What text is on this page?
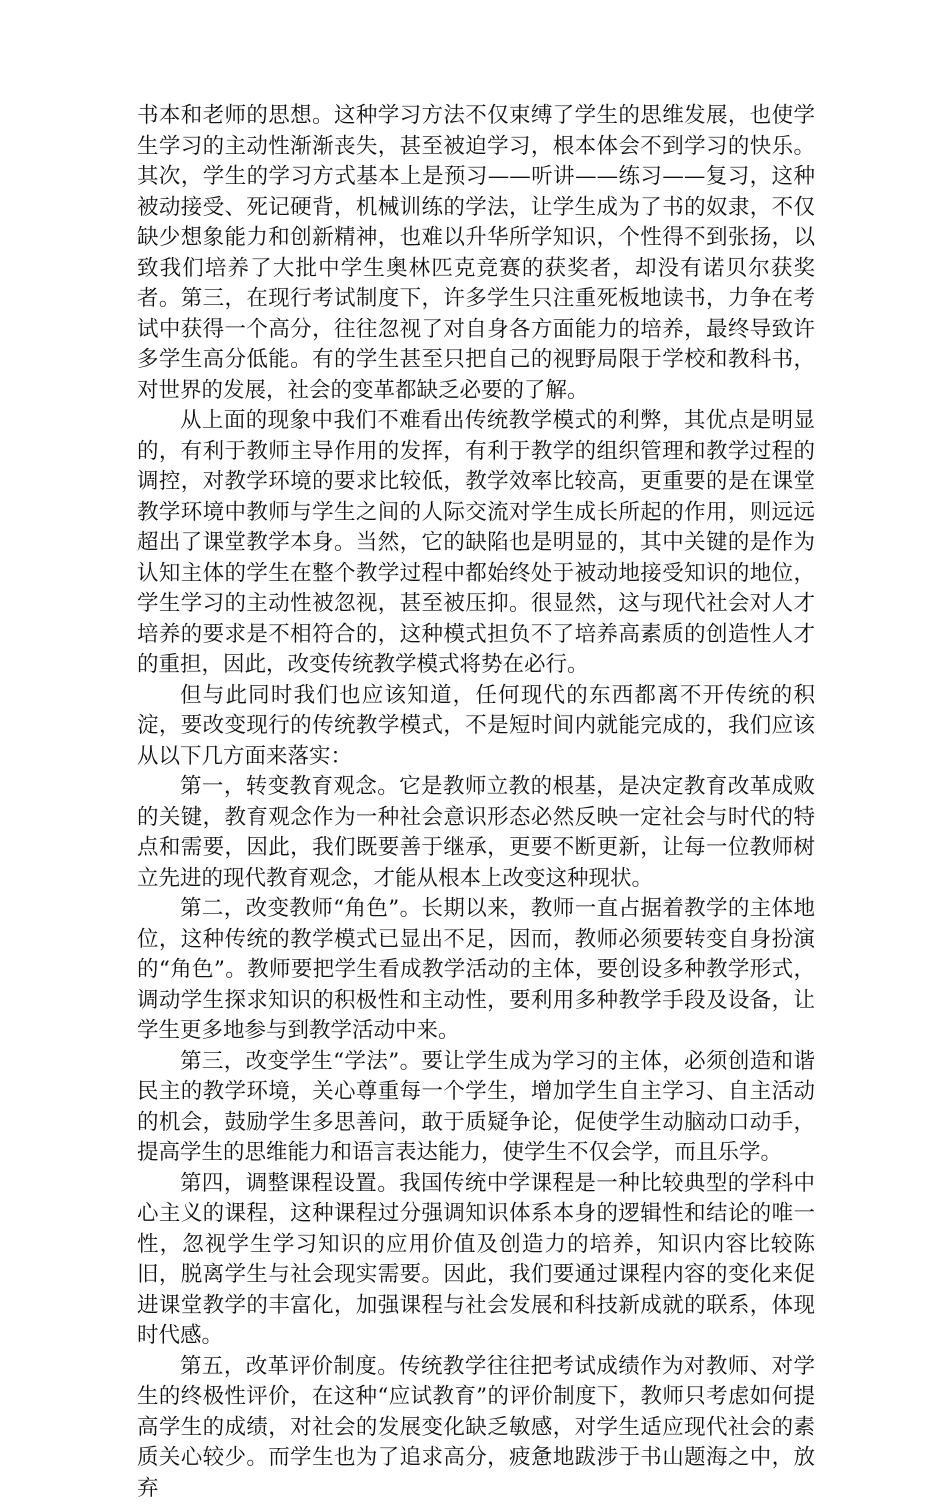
书本和老师的思想。这种学习方法不仅束缚了学生的思维发展，也使学生学习的主动性渐渐丧失，甚至被迫学习，根本体会不到学习的快乐。其次，学生的学习方式基本上是预习——听讲——练习——复习，这种被动接受、死记硬背，机械训练的学法，让学生成为了书的奴隶，不仅缺少想象能力和创新精神，也难以升华所学知识，个性得不到张扬，以致我们培养了大批中学生奥林匹克竞赛的获奖者，却没有诺贝尔获奖者。第三，在现行考试制度下，许多学生只注重死板地读书，力争在考试中获得一个高分，往往忽视了对自身各方面能力的培养，最终导致许多学生高分低能。有的学生甚至只把自己的视野局限于学校和教科书，对世界的发展，社会的变革都缺乏必要的了解。

从上面的现象中我们不难看出传统教学模式的利弊，其优点是明显的，有利于教师主导作用的发挥，有利于教学的组织管理和教学过程的调控，对教学环境的要求比较低，教学效率比较高，更重要的是在课堂教学环境中教师与学生之间的人际交流对学生成长所起的作用，则远远超出了课堂教学本身。当然，它的缺陷也是明显的，其中关键的是作为认知主体的学生在整个教学过程中都始终处于被动地接受知识的地位，学生学习的主动性被忽视，甚至被压抑。很显然，这与现代社会对人才培养的要求是不相符合的，这种模式担负不了培养高素质的创造性人才的重担，因此，改变传统教学模式将势在必行。

但与此同时我们也应该知道，任何现代的东西都离不开传统的积淀，要改变现行的传统教学模式，不是短时间内就能完成的，我们应该从以下几方面来落实：

第一，转变教育观念。它是教师立教的根基，是决定教育改革成败的关键，教育观念作为一种社会意识形态必然反映一定社会与时代的特点和需要，因此，我们既要善于继承，更要不断更新，让每一位教师树立先进的现代教育观念，才能从根本上改变这种现状。

第二，改变教师“角色”。长期以来，教师一直占据着教学的主体地位，这种传统的教学模式已显出不足，因而，教师必须要转变自身扮演的“角色”。教师要把学生看成教学活动的主体，要创设多种教学形式，调动学生探求知识的积极性和主动性，要利用多种教学手段及设备，让学生更多地参与到教学活动中来。

第三，改变学生“学法”。要让学生成为学习的主体，必须创造和谐民主的教学环境，关心尊重每一个学生，增加学生自主学习、自主活动的机会，鼓励学生多思善问，敢于质疑争论，促使学生动脑动口动手，提高学生的思维能力和语言表达能力，使学生不仅会学，而且乐学。

第四，调整课程设置。我国传统中学课程是一种比较典型的学科中心主义的课程，这种课程过分强调知识体系本身的逻辑性和结论的唯一性，忽视学生学习知识的应用价值及创造力的培养，知识内容比较陈旧，脱离学生与社会现实需要。因此，我们要通过课程内容的变化来促进课堂教学的丰富化，加强课程与社会发展和科技新成就的联系，体现时代感。

第五，改革评价制度。传统教学往往把考试成绩作为对教师、对学生的终极性评价，在这种“应试教育”的评价制度下，教师只考虑如何提高学生的成绩，对社会的发展变化缺乏敏感，对学生适应现代社会的素质关心较少。而学生也为了追求高分，疲惫地跋涉于书山题海之中，放弃
